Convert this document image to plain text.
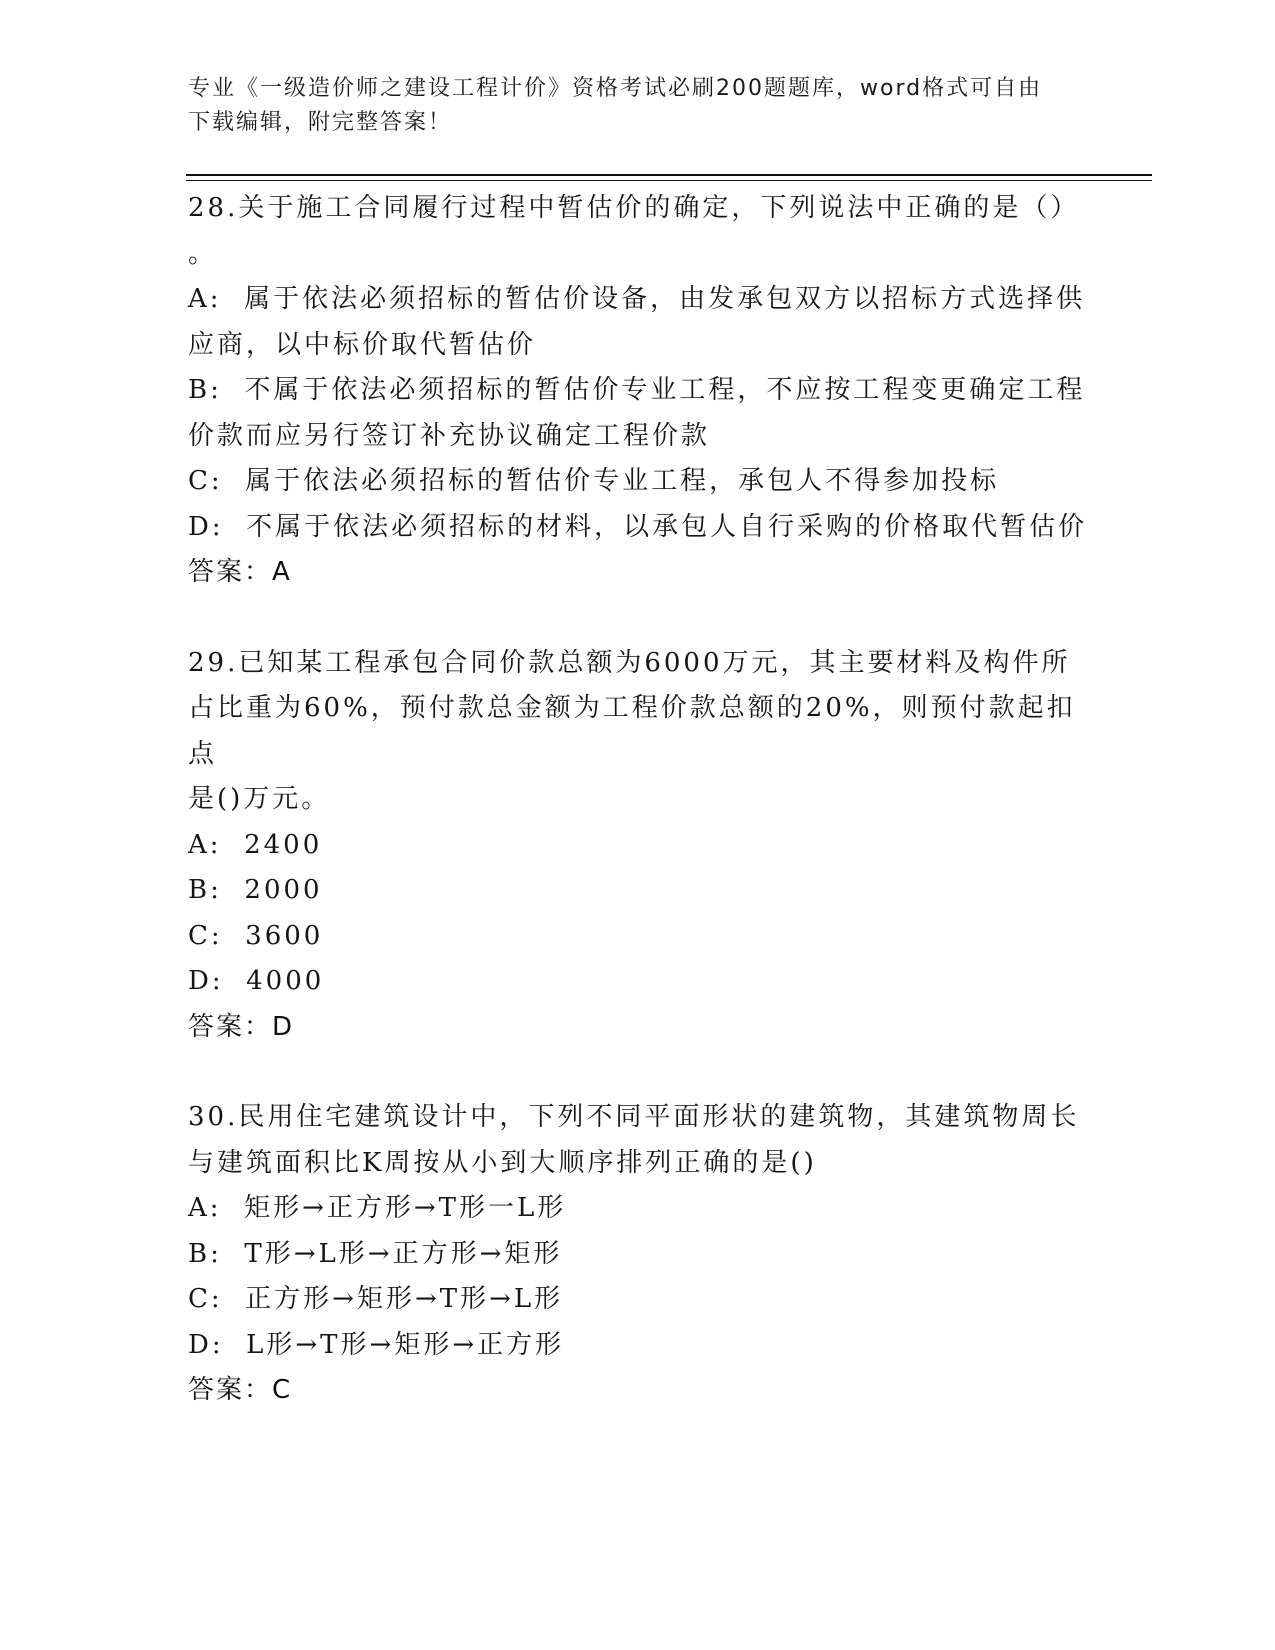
专业《一级造价师之建设工程计价》资格考试必刷200题题库，word格式可自由
下载编辑，附完整答案！
28.关于施工合同履行过程中暂估价的确定，下列说法中正确的是（）
。
A:  属于依法必须招标的暂估价设备，由发承包双方以招标方式选择供
应商，以中标价取代暂估价
B:  不属于依法必须招标的暂估价专业工程，不应按工程变更确定工程
价款而应另行签订补充协议确定工程价款
C:  属于依法必须招标的暂估价专业工程，承包人不得参加投标
D:  不属于依法必须招标的材料，以承包人自行采购的价格取代暂估价
答案：A
29.已知某工程承包合同价款总额为6000万元，其主要材料及构件所
占比重为60%，预付款总金额为工程价款总额的20%，则预付款起扣点
是()万元。
A:  2400
B:  2000
C:  3600
D:  4000
答案：D
30.民用住宅建筑设计中，下列不同平面形状的建筑物，其建筑物周长
与建筑面积比K周按从小到大顺序排列正确的是()
A:  矩形→正方形→T形一L形
B:  T形→L形→正方形→矩形
C:  正方形→矩形→T形→L形
D:  L形→T形→矩形→正方形
答案：C
